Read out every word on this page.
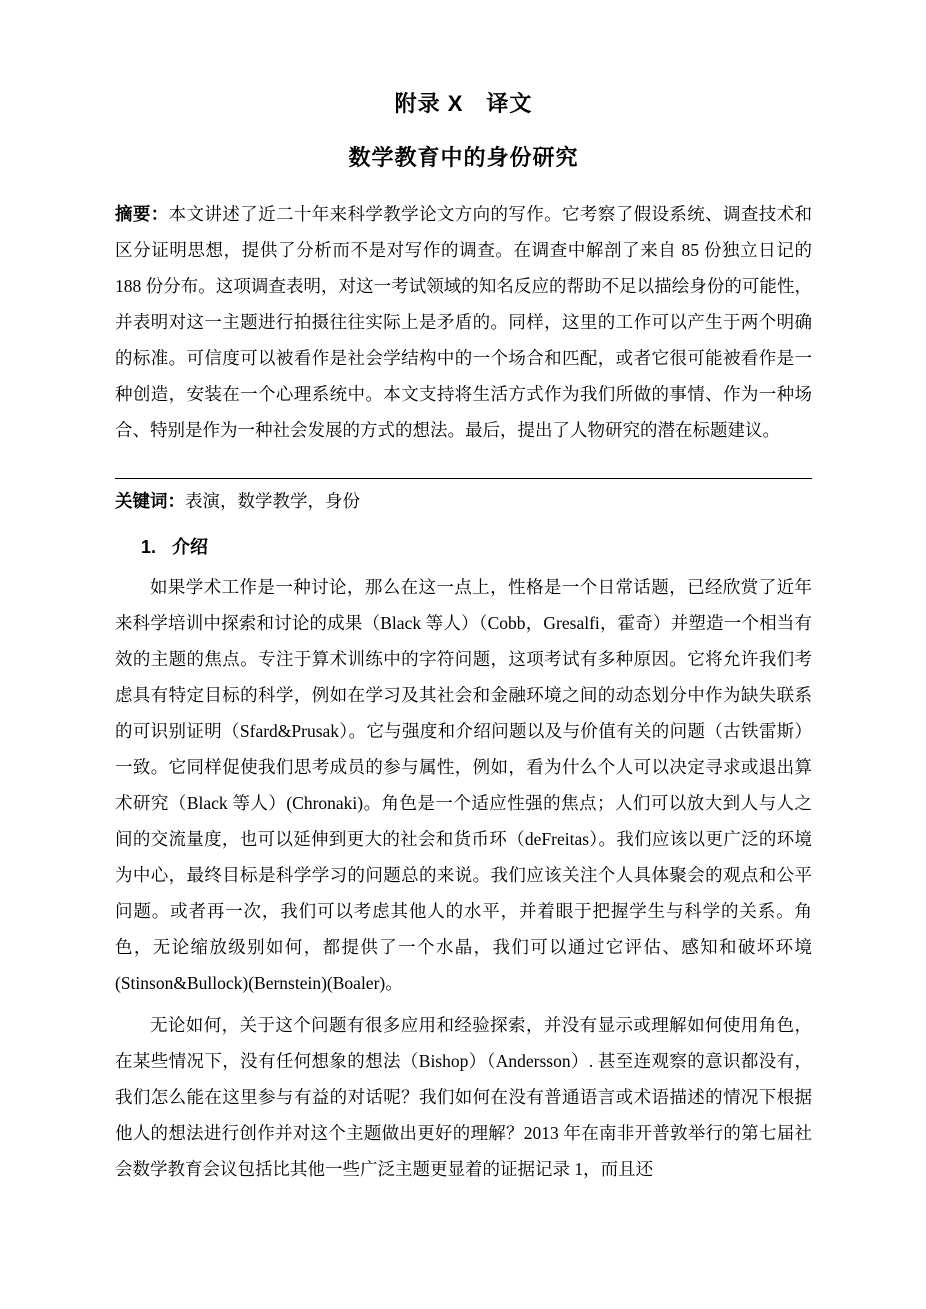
附录 X　译文
数学教育中的身份研究

摘要：本文讲述了近二十年来科学教学论文方向的写作。它考察了假设系统、调查技术和区分证明思想，提供了分析而不是对写作的调查。在调查中解剖了来自 85 份独立日记的 188 份分布。这项调查表明，对这一考试领域的知名反应的帮助不足以描绘身份的可能性，并表明对这一主题进行拍摄往往实际上是矛盾的。同样，这里的工作可以产生于两个明确的标准。可信度可以被看作是社会学结构中的一个场合和匹配，或者它很可能被看作是一种创造，安装在一个心理系统中。本文支持将生活方式作为我们所做的事情、作为一种场合、特别是作为一种社会发展的方式的想法。最后，提出了人物研究的潜在标题建议。

关键词：表演，数学教学，身份

1. 介绍

如果学术工作是一种讨论，那么在这一点上，性格是一个日常话题，已经欣赏了近年来科学培训中探索和讨论的成果（Black 等人）（Cobb，Gresalfi，霍奇）并塑造一个相当有效的主题的焦点。专注于算术训练中的字符问题，这项考试有多种原因。它将允许我们考虑具有特定目标的科学，例如在学习及其社会和金融环境之间的动态划分中作为缺失联系的可识别证明（Sfard&Prusak）。它与强度和介绍问题以及与价值有关的问题（古铁雷斯）一致。它同样促使我们思考成员的参与属性，例如，看为什么个人可以决定寻求或退出算术研究（Black 等人）(Chronaki)。角色是一个适应性强的焦点；人们可以放大到人与人之间的交流量度，也可以延伸到更大的社会和货币环（deFreitas）。我们应该以更广泛的环境为中心，最终目标是科学学习的问题总的来说。我们应该关注个人具体聚会的观点和公平问题。或者再一次，我们可以考虑其他人的水平，并着眼于把握学生与科学的关系。角色，无论缩放级别如何，都提供了一个水晶，我们可以通过它评估、感知和破坏环境(Stinson&Bullock)(Bernstein)(Boaler)。

无论如何，关于这个问题有很多应用和经验探索，并没有显示或理解如何使用角色，在某些情况下，没有任何想象的想法（Bishop）（Andersson）. 甚至连观察的意识都没有，我们怎么能在这里参与有益的对话呢？我们如何在没有普通语言或术语描述的情况下根据他人的想法进行创作并对这个主题做出更好的理解？2013 年在南非开普敦举行的第七届社会数学教育会议包括比其他一些广泛主题更显着的证据记录 1，而且还
